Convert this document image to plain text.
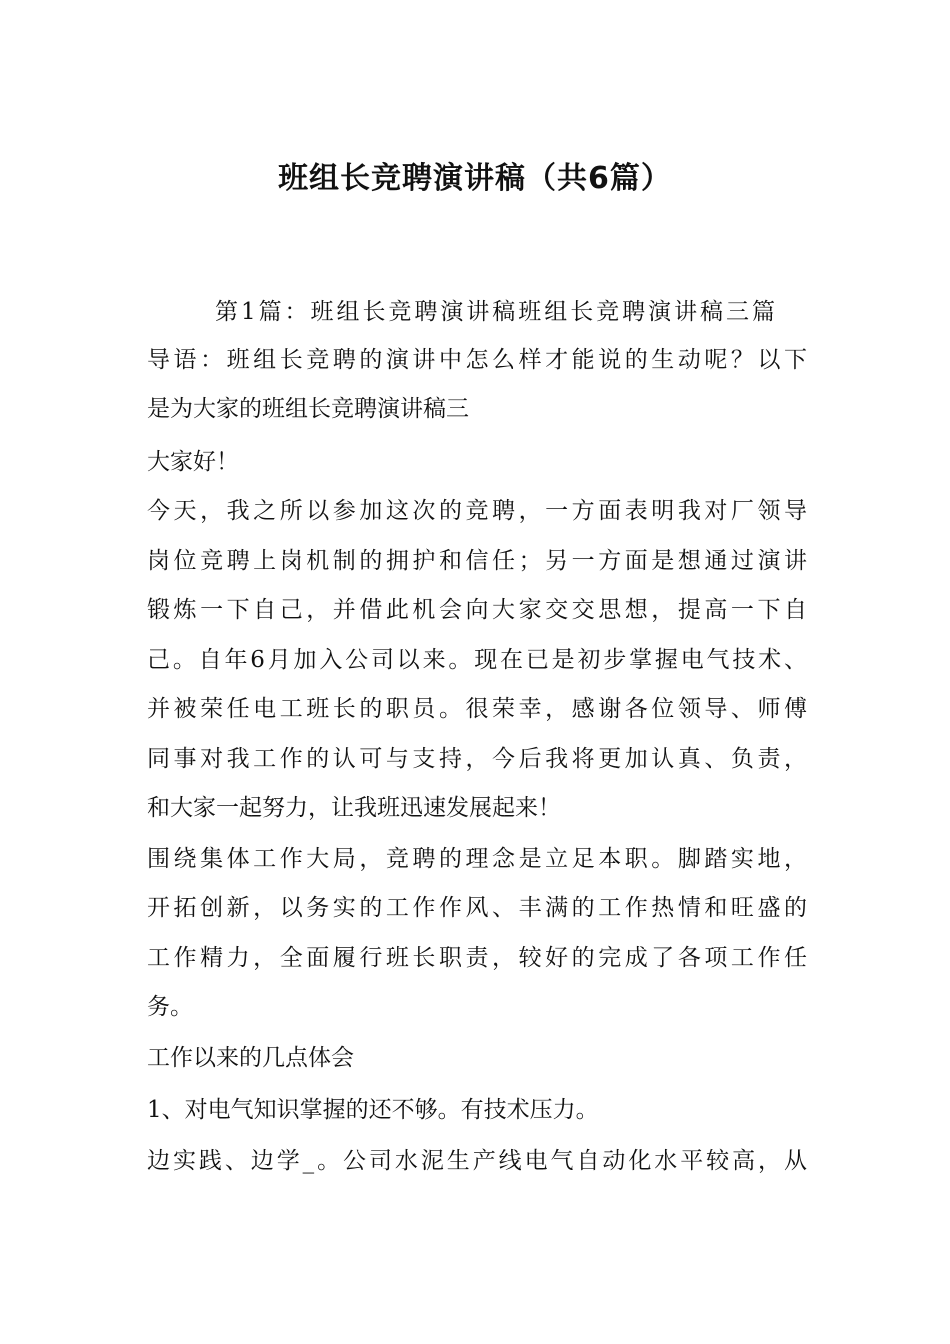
班组长竞聘演讲稿（共6篇）

第1篇：班组长竞聘演讲稿班组长竞聘演讲稿三篇

导语：班组长竞聘的演讲中怎么样才能说的生动呢？以下

是为大家的班组长竞聘演讲稿三

大家好！

今天，我之所以参加这次的竞聘，一方面表明我对厂领导

岗位竞聘上岗机制的拥护和信任；另一方面是想通过演讲

锻炼一下自己，并借此机会向大家交交思想，提高一下自

己。自年6月加入公司以来。现在已是初步掌握电气技术、

并被荣任电工班长的职员。很荣幸，感谢各位领导、师傅

同事对我工作的认可与支持，今后我将更加认真、负责，

和大家一起努力，让我班迅速发展起来！

围绕集体工作大局，竞聘的理念是立足本职。脚踏实地，

开拓创新，以务实的工作作风、丰满的工作热情和旺盛的

工作精力，全面履行班长职责，较好的完成了各项工作任

务。

工作以来的几点体会

1、对电气知识掌握的还不够。有技术压力。

边实践、边学_。公司水泥生产线电气自动化水平较高，从
